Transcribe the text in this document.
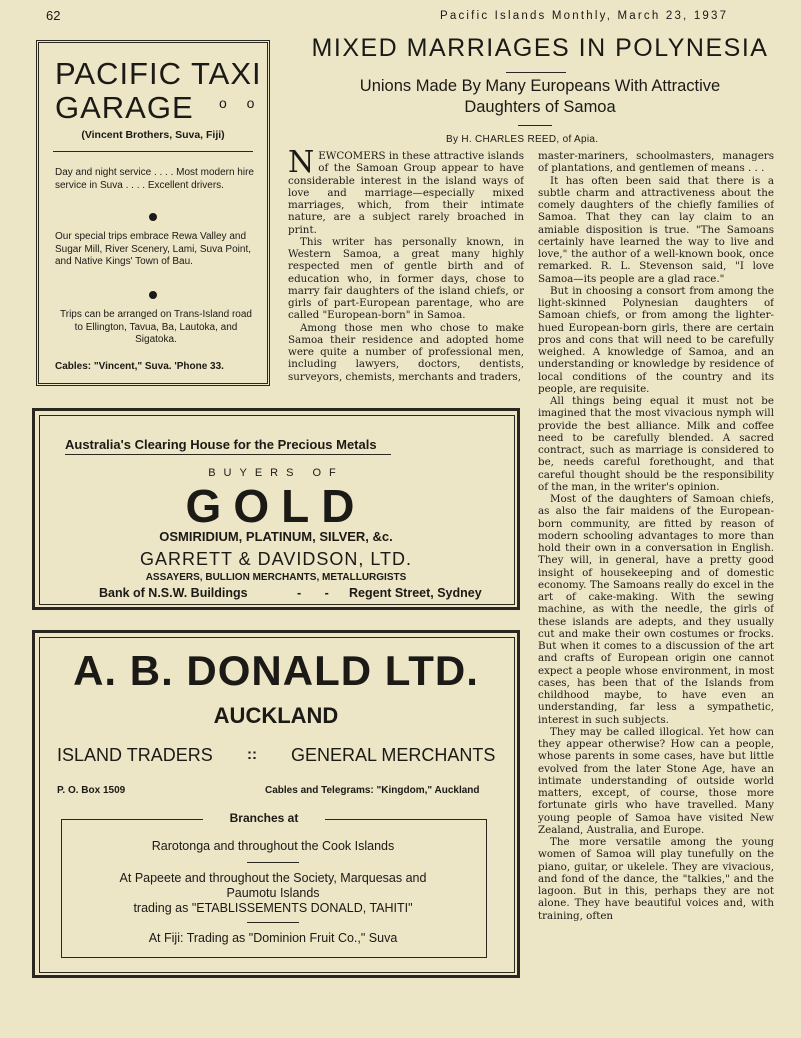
62	Pacific Islands Monthly, March 23, 1937
PACIFIC TAXI
GARAGE	o o
(Vincent Brothers, Suva, Fiji)
Day and night service . . . . Most modern hire service in Suva . . . . Excellent drivers.
Our special trips embrace Rewa Valley and Sugar Mill, River Scenery, Lami, Suva Point, and Native Kings' Town of Bau.
Trips can be arranged on Trans-Island road to Ellington, Tavua, Ba, Lautoka, and Sigatoka.
Cables: "Vincent," Suva. 'Phone 33.
Australia's Clearing House for the Precious Metals
BUYERS OF
GOLD
OSMIRIDIUM, PLATINUM, SILVER, &c.
GARRETT & DAVIDSON, LTD.
ASSAYERS, BULLION MERCHANTS, METALLURGISTS
Bank of N.S.W. Buildings	- - Regent Street, Sydney
A. B. DONALD LTD.
AUCKLAND
ISLAND TRADERS :: GENERAL MERCHANTS
P. O. Box 1509	Cables and Telegrams: "Kingdom," Auckland
Branches at
Rarotonga and throughout the Cook Islands
At Papeete and throughout the Society, Marquesas and
Paumotu Islands
trading as "ETABLISSEMENTS DONALD, TAHITI"
At Fiji: Trading as "Dominion Fruit Co.," Suva
MIXED MARRIAGES IN POLYNESIA
Unions Made By Many Europeans With Attractive
Daughters of Samoa
By H. CHARLES REED, of Apia.

NEWCOMERS in these attractive islands of the Samoan Group appear to have considerable interest in the island ways of love and marriage—especially mixed marriages, which, from their intimate nature, are a subject rarely broached in print.

This writer has personally known, in Western Samoa, a great many highly respected men of gentle birth and of education who, in former days, chose to marry fair daughters of the island chiefs, or girls of part-European parentage, who are called "European-born" in Samoa.

Among those men who chose to make Samoa their residence and adopted home were quite a number of professional men, including lawyers, doctors, dentists, surveyors, chemists, merchants and traders,

master-mariners, schoolmasters, managers of plantations, and gentlemen of means . . .

It has often been said that there is a subtle charm and attractiveness about the comely daughters of the chiefly families of Samoa. That they can lay claim to an amiable disposition is true. "The Samoans certainly have learned the way to live and love," the author of a well-known book, once remarked. R. L. Stevenson said, "I love Samoa—its people are a glad race."

But in choosing a consort from among the light-skinned Polynesian daughters of Samoan chiefs, or from among the lighter-hued European-born girls, there are certain pros and cons that will need to be carefully weighed. A knowledge of Samoa, and an understanding or knowledge by residence of local conditions of the country and its people, are requisite.

All things being equal it must not be imagined that the most vivacious nymph will provide the best alliance. Milk and coffee need to be carefully blended. A sacred contract, such as marriage is considered to be, needs careful forethought, and that careful thought should be the responsibility of the man, in the writer's opinion.

Most of the daughters of Samoan chiefs, as also the fair maidens of the European-born community, are fitted by reason of modern schooling advantages to more than hold their own in a conversation in English. They will, in general, have a pretty good insight of housekeeping and of domestic economy. The Samoans really do excel in the art of cake-making. With the sewing machine, as with the needle, the girls of these islands are adepts, and they usually cut and make their own costumes or frocks. But when it comes to a discussion of the art and crafts of European origin one cannot expect a people whose environment, in most cases, has been that of the Islands from childhood maybe, to have even an understanding, far less a sympathetic, interest in such subjects.

They may be called illogical. Yet how can they appear otherwise? How can a people, whose parents in some cases, have but little evolved from the later Stone Age, have an intimate understanding of outside world matters, except, of course, those more fortunate girls who have travelled. Many young people of Samoa have visited New Zealand, Australia, and Europe.

The more versatile among the young women of Samoa will play tunefully on the piano, guitar, or ukelele. They are vivacious, and fond of the dance, the "talkies," and the lagoon. But in this, perhaps they are not alone. They have beautiful voices and, with training, often
